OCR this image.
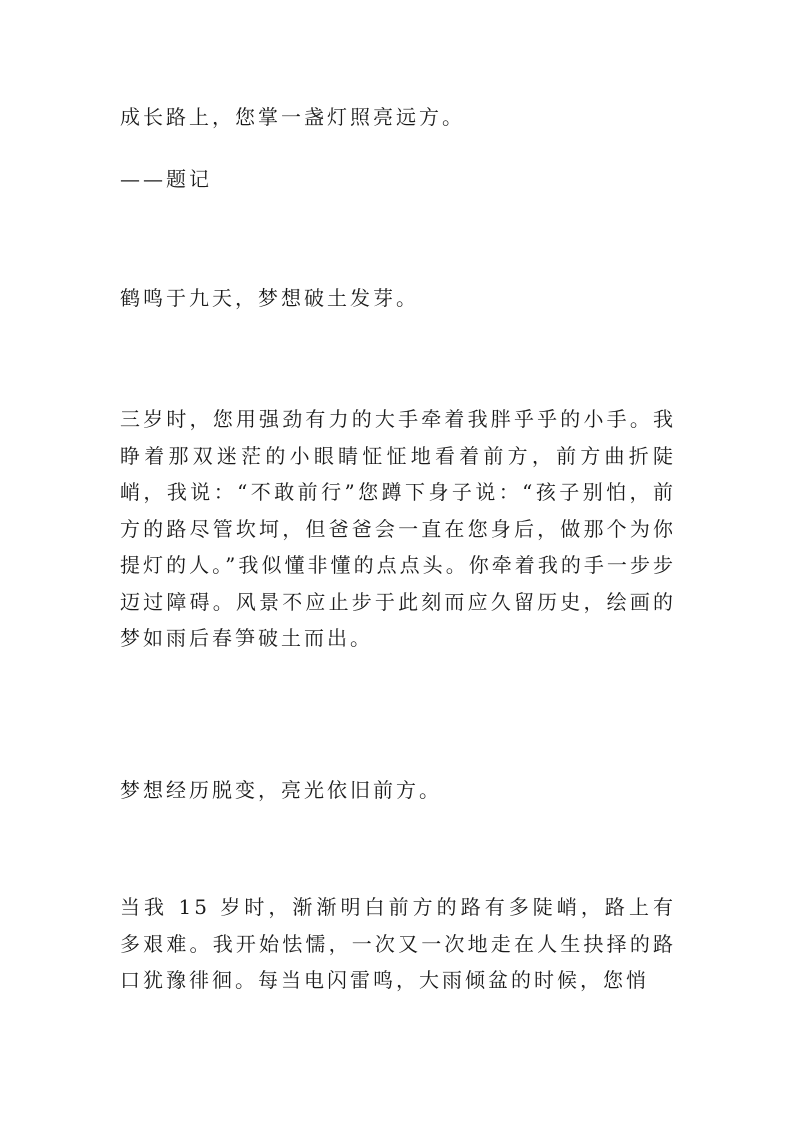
成长路上，您掌一盏灯照亮远方。

——题记

鹤鸣于九天，梦想破土发芽。

三岁时，您用强劲有力的大手牵着我胖乎乎的小手。我睁着那双迷茫的小眼睛怔怔地看着前方，前方曲折陡峭，我说：“不敢前行”您蹲下身子说：“孩子别怕，前方的路尽管坎坷，但爸爸会一直在您身后，做那个为你提灯的人。”我似懂非懂的点点头。你牵着我的手一步步迈过障碍。风景不应止步于此刻而应久留历史，绘画的梦如雨后春笋破土而出。

梦想经历脱变，亮光依旧前方。

当我 15 岁时，渐渐明白前方的路有多陡峭，路上有多艰难。我开始怯懦，一次又一次地走在人生抉择的路口犹豫徘徊。每当电闪雷鸣，大雨倾盆的时候，您悄
